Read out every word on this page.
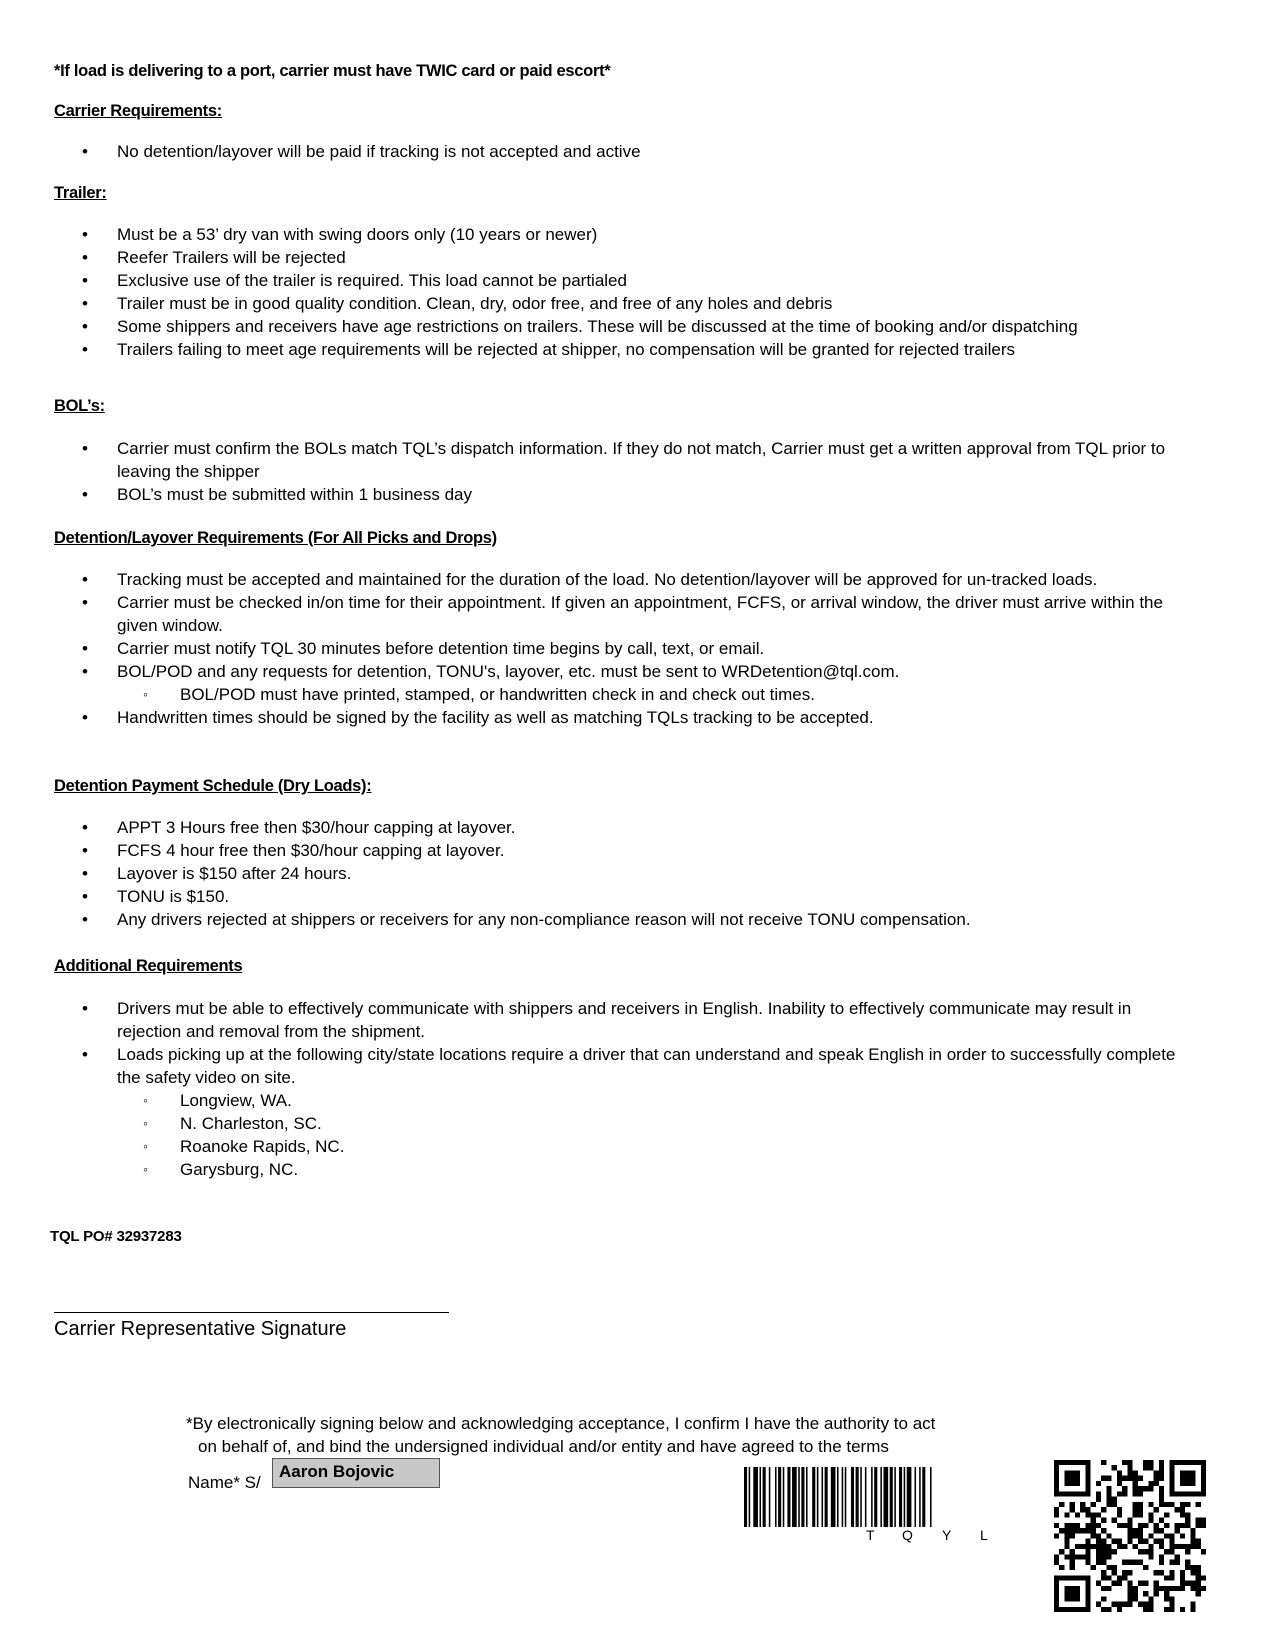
*If load is delivering to a port, carrier must have TWIC card or paid escort*
Carrier Requirements:
• No detention/layover will be paid if tracking is not accepted and active
Trailer:
• Must be a 53’ dry van with swing doors only (10 years or newer)
• Reefer Trailers will be rejected
• Exclusive use of the trailer is required. This load cannot be partialed
• Trailer must be in good quality condition. Clean, dry, odor free, and free of any holes and debris
• Some shippers and receivers have age restrictions on trailers. These will be discussed at the time of booking and/or dispatching
• Trailers failing to meet age requirements will be rejected at shipper, no compensation will be granted for rejected trailers
BOL’s:
• Carrier must confirm the BOLs match TQL’s dispatch information. If they do not match, Carrier must get a written approval from TQL prior to leaving the shipper
• BOL’s must be submitted within 1 business day
Detention/Layover Requirements (For All Picks and Drops)
• Tracking must be accepted and maintained for the duration of the load. No detention/layover will be approved for un-tracked loads.
• Carrier must be checked in/on time for their appointment. If given an appointment, FCFS, or arrival window, the driver must arrive within the given window.
• Carrier must notify TQL 30 minutes before detention time begins by call, text, or email.
• BOL/POD and any requests for detention, TONU's, layover, etc. must be sent to WRDetention@tql.com.
◦ BOL/POD must have printed, stamped, or handwritten check in and check out times.
• Handwritten times should be signed by the facility as well as matching TQLs tracking to be accepted.
Detention Payment Schedule (Dry Loads):
• APPT 3 Hours free then $30/hour capping at layover.
• FCFS 4 hour free then $30/hour capping at layover.
• Layover is $150 after 24 hours.
• TONU is $150.
• Any drivers rejected at shippers or receivers for any non-compliance reason will not receive TONU compensation.
Additional Requirements
• Drivers mut be able to effectively communicate with shippers and receivers in English. Inability to effectively communicate may result in rejection and removal from the shipment.
• Loads picking up at the following city/state locations require a driver that can understand and speak English in order to successfully complete the safety video on site.
◦ Longview, WA.
◦ N. Charleston, SC.
◦ Roanoke Rapids, NC.
◦ Garysburg, NC.
TQL PO# 32937283
Carrier Representative Signature
*By electronically signing below and acknowledging acceptance, I confirm I have the authority to act
on behalf of, and bind the undersigned individual and/or entity and have agreed to the terms
Name* S/
Aaron Bojovic
T Q Y L
